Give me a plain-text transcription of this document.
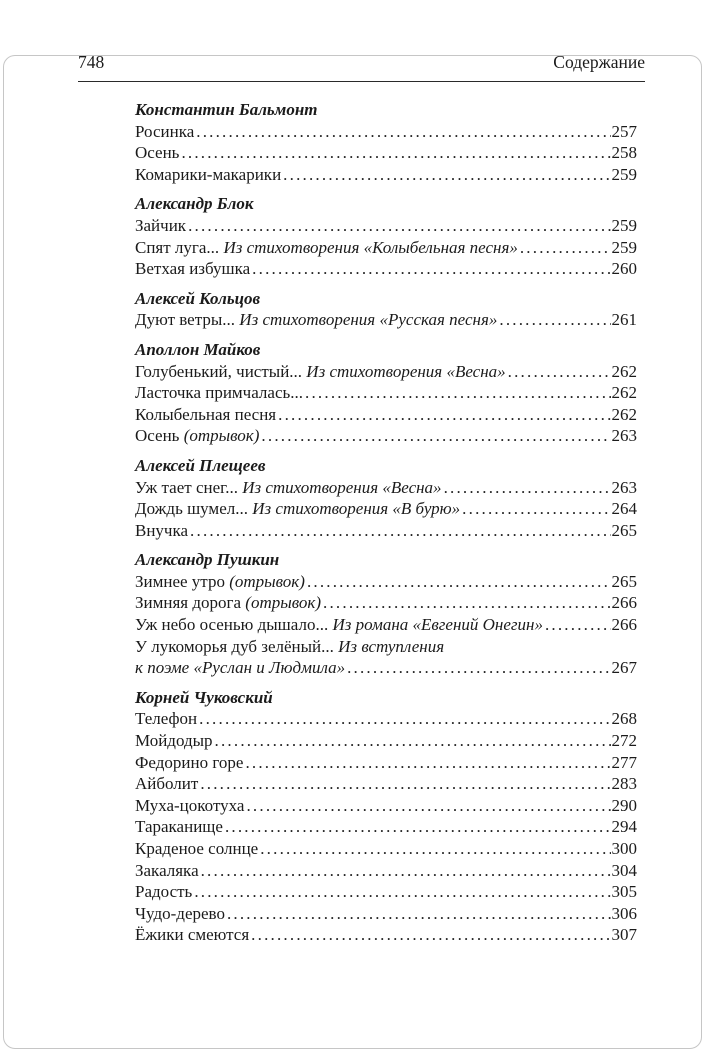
748	Содержание
Константин Бальмонт
Росинка .....	257
Осень .....	258
Комарики-макарики .....	259
Александр Блок
Зайчик .....	259
Спят луга... Из стихотворения «Колыбельная песня» .....	259
Ветхая избушка .....	260
Алексей Кольцов
Дуют ветры... Из стихотворения «Русская песня» .....	261
Аполлон Майков
Голубенький, чистый... Из стихотворения «Весна» .....	262
Ласточка примчалась... .....	262
Колыбельная песня .....	262
Осень (отрывок) .....	263
Алексей Плещеев
Уж тает снег... Из стихотворения «Весна» .....	263
Дождь шумел... Из стихотворения «В бурю» .....	264
Внучка .....	265
Александр Пушкин
Зимнее утро (отрывок) .....	265
Зимняя дорога (отрывок) .....	266
Уж небо осенью дышало... Из романа «Евгений Онегин» .....	266
У лукоморья дуб зелёный... Из вступления
к поэме «Руслан и Людмила» .....	267
Корней Чуковский
Телефон .....	268
Мойдодыр .....	272
Федорино горе .....	277
Айболит .....	283
Муха-цокотуха .....	290
Тараканище .....	294
Краденое солнце .....	300
Закаляка .....	304
Радость .....	305
Чудо-дерево .....	306
Ёжики смеются .....	307
